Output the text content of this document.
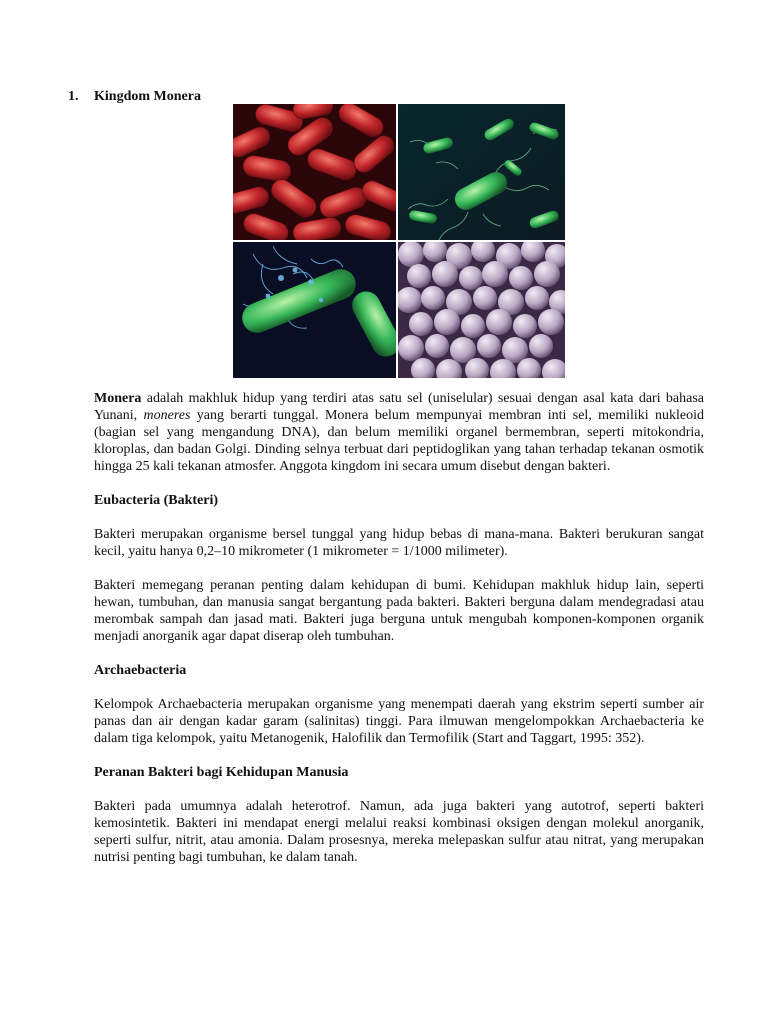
1. Kingdom Monera

Monera adalah makhluk hidup yang terdiri atas satu sel (uniselular) sesuai dengan asal kata dari bahasa Yunani, moneres yang berarti tunggal. Monera belum mempunyai membran inti sel, memiliki nukleoid (bagian sel yang mengandung DNA), dan belum memiliki organel bermembran, seperti mitokondria, kloroplas, dan badan Golgi. Dinding selnya terbuat dari peptidoglikan yang tahan terhadap tekanan osmotik hingga 25 kali tekanan atmosfer. Anggota kingdom ini secara umum disebut dengan bakteri.

Eubacteria (Bakteri)

Bakteri merupakan organisme bersel tunggal yang hidup bebas di mana-mana. Bakteri berukuran sangat kecil, yaitu hanya 0,2–10 mikrometer (1 mikrometer = 1/1000 milimeter).

Bakteri memegang peranan penting dalam kehidupan di bumi. Kehidupan makhluk hidup lain, seperti hewan, tumbuhan, dan manusia sangat bergantung pada bakteri. Bakteri berguna dalam mendegradasi atau merombak sampah dan jasad mati. Bakteri juga berguna untuk mengubah komponen-komponen organik menjadi anorganik agar dapat diserap oleh tumbuhan.

Archaebacteria

Kelompok Archaebacteria merupakan organisme yang menempati daerah yang ekstrim seperti sumber air panas dan air dengan kadar garam (salinitas) tinggi. Para ilmuwan mengelompokkan Archaebacteria ke dalam tiga kelompok, yaitu Metanogenik, Halofilik dan Termofilik (Start and Taggart, 1995: 352).

Peranan Bakteri bagi Kehidupan Manusia

Bakteri pada umumnya adalah heterotrof. Namun, ada juga bakteri yang autotrof, seperti bakteri kemosintetik. Bakteri ini mendapat energi melalui reaksi kombinasi oksigen dengan molekul anorganik, seperti sulfur, nitrit, atau amonia. Dalam prosesnya, mereka melepaskan sulfur atau nitrat, yang merupakan nutrisi penting bagi tumbuhan, ke dalam tanah.
